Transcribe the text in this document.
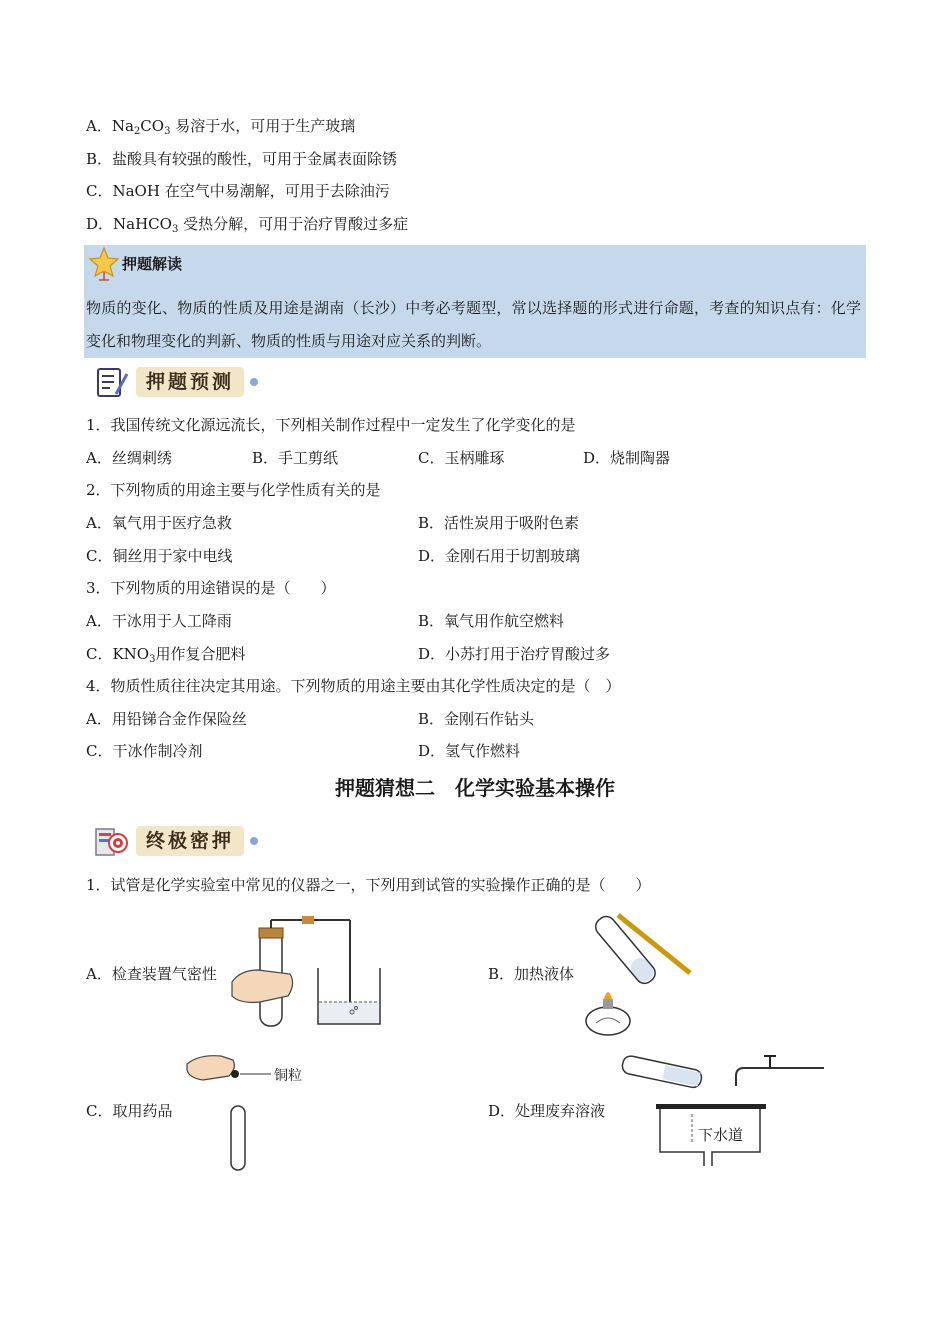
A．$Na_2CO_3$ 易溶于水，可用于生产玻璃
B．盐酸具有较强的酸性，可用于金属表面除锈
C．NaOH 在空气中易潮解，可用于去除油污
D．NaHCO$_3$ 受热分解，可用于治疗胃酸过多症
押题解读
物质的变化、物质的性质及用途是湖南（长沙）中考必考题型，常以选择题的形式进行命题，考查的知识点有：化学变化和物理变化的判新、物质的性质与用途对应关系的判断。
押题预测
1．我国传统文化源远流长，下列相关制作过程中一定发生了化学变化的是
A．丝绸刺绣	B．手工剪纸	C．玉柄雕琢	D．烧制陶器
2．下列物质的用途主要与化学性质有关的是
A．氧气用于医疗急救	B．活性炭用于吸附色素
C．铜丝用于家中电线	D．金刚石用于切割玻璃
3．下列物质的用途错误的是（　　）
A．干冰用于人工降雨	B．氧气用作航空燃料
C．$KNO_3$用作复合肥料	D．小苏打用于治疗胃酸过多
4．物质性质往往决定其用途。下列物质的用途主要由其化学性质决定的是（　）
A．用铅锑合金作保险丝	B．金刚石作钻头
C．干冰作制冷剂	D．氢气作燃料
押题猜想二　化学实验基本操作
终极密押
1．试管是化学实验室中常见的仪器之一，下列用到试管的实验操作正确的是（　　）
A．检查装置气密性	B．加热液体
C．取用药品	D．处理废弃溶液
铜粒
下水道
